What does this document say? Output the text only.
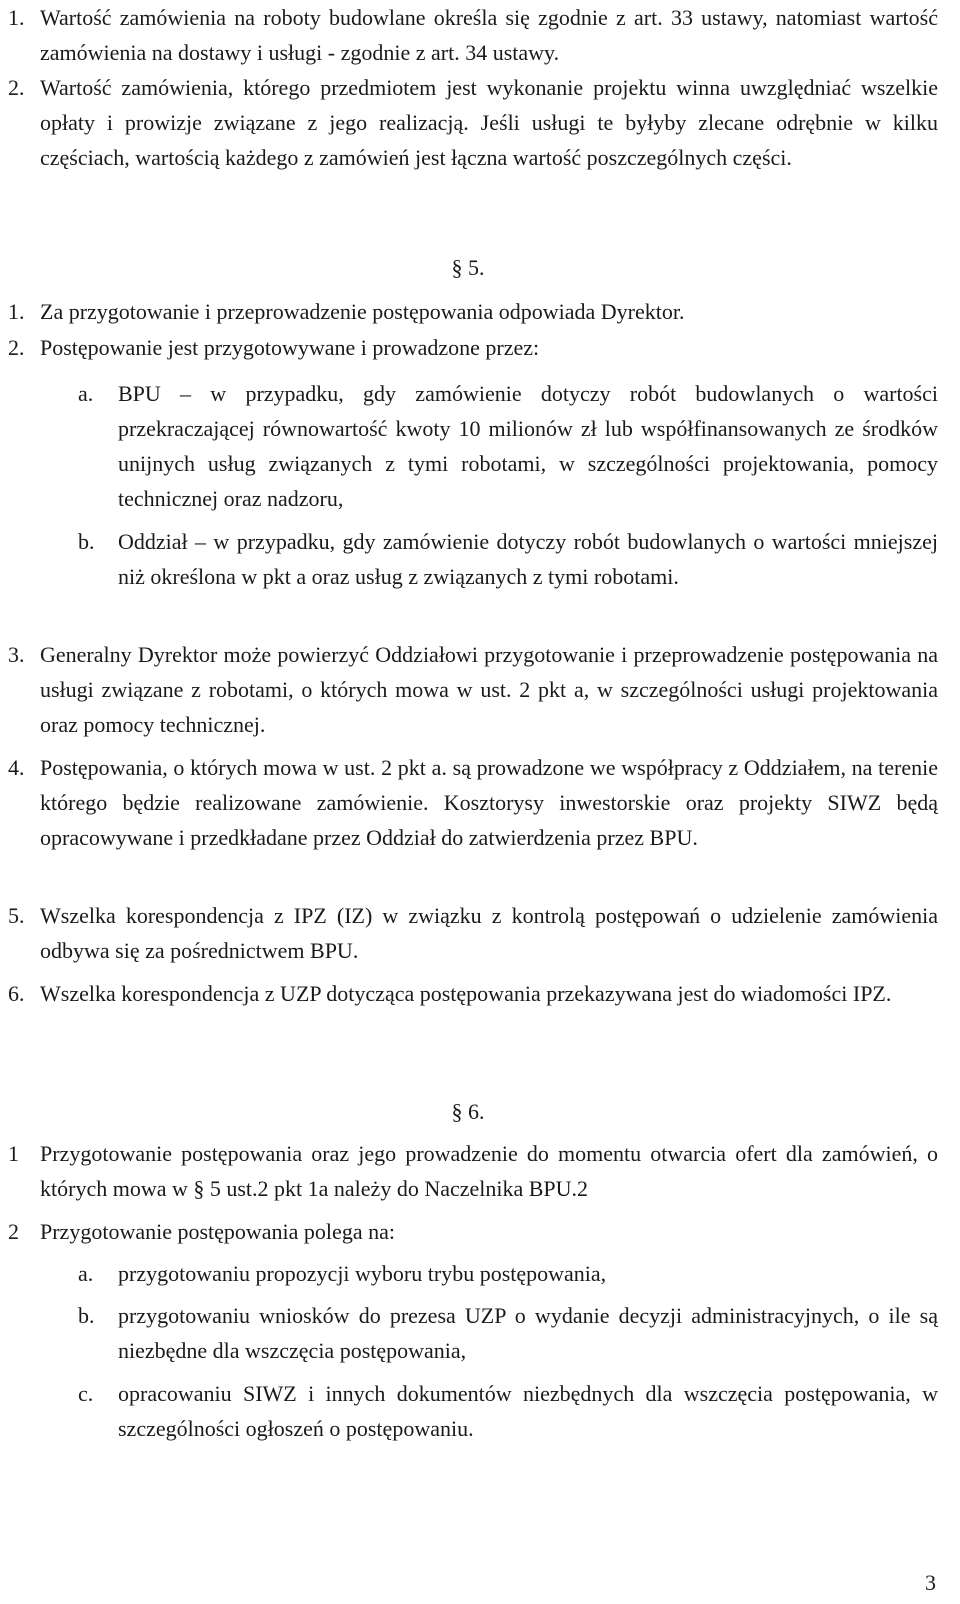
1. Wartość zamówienia na roboty budowlane określa się zgodnie z art. 33 ustawy, natomiast wartość zamówienia na dostawy i usługi - zgodnie z art. 34 ustawy.
2. Wartość zamówienia, którego przedmiotem jest wykonanie projektu winna uwzględniać wszelkie opłaty i prowizje związane z jego realizacją. Jeśli usługi te byłyby zlecane odrębnie w kilku częściach, wartością każdego z zamówień jest łączna wartość poszczególnych części.
§ 5.
1. Za przygotowanie i przeprowadzenie postępowania odpowiada Dyrektor.
2. Postępowanie jest przygotowywane i prowadzone przez:
a. BPU – w przypadku, gdy zamówienie dotyczy robót budowlanych o wartości przekraczającej równowartość kwoty 10 milionów zł lub współfinansowanych ze środków unijnych usług związanych z tymi robotami, w szczególności projektowania, pomocy technicznej oraz nadzoru,
b. Oddział – w przypadku, gdy zamówienie dotyczy robót budowlanych o wartości mniejszej niż określona w pkt a oraz usług z związanych z tymi robotami.
3. Generalny Dyrektor może powierzyć Oddziałowi przygotowanie i przeprowadzenie postępowania na usługi związane z robotami, o których mowa w ust. 2 pkt a, w szczególności usługi projektowania oraz pomocy technicznej.
4. Postępowania, o których mowa w ust. 2 pkt a. są prowadzone we współpracy z Oddziałem, na terenie którego będzie realizowane zamówienie. Kosztorysy inwestorskie oraz projekty SIWZ będą opracowywane i przedkładane przez Oddział do zatwierdzenia przez BPU.
5. Wszelka korespondencja z IPZ (IZ) w związku z kontrolą postępowań o udzielenie zamówienia odbywa się za pośrednictwem BPU.
6. Wszelka korespondencja z UZP dotycząca postępowania przekazywana jest do wiadomości IPZ.
§ 6.
1 Przygotowanie postępowania oraz jego prowadzenie do momentu otwarcia ofert dla zamówień, o których mowa w § 5 ust.2 pkt 1a należy do Naczelnika BPU.2
2 Przygotowanie postępowania polega na:
a. przygotowaniu propozycji wyboru trybu postępowania,
b. przygotowaniu wniosków do prezesa UZP o wydanie decyzji administracyjnych, o ile są niezbędne dla wszczęcia postępowania,
c. opracowaniu SIWZ i innych dokumentów niezbędnych dla wszczęcia postępowania, w szczególności ogłoszeń o postępowaniu.
3
